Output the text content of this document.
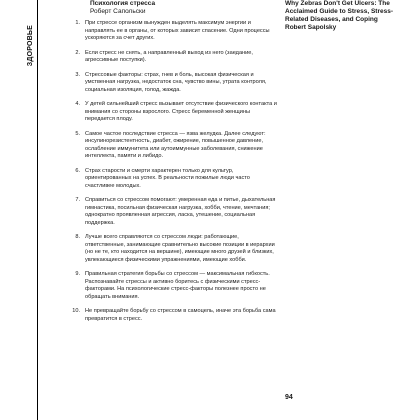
ЗДОРОВЬЕ
Психология стресса
Роберт Сапольски
Why Zebras Don't Get Ulcers: The Acclaimed Guide to Stress, Stress-Related Diseases, and Coping
Robert Sapolsky
1. При стрессе организм вынужден выделять максимум энергии и направлять ее в органы, от которых зависит спасение. Одни процессы ускоряются за счет других.
2. Если стресс не снять, а направленный выход из него (заедание, агрессивные поступки).
3. Стрессовые факторы: страх, гнев и боль, высокая физическая и умственная нагрузка, недостаток сна, чувство вины, утрата контроля, социальная изоляция, голод, жажда.
4. У детей сильнейший стресс вызывает отсутствие физического контакта и внимания со стороны взрослого. Стресс беременной женщины передается плоду.
5. Самое частое последствие стресса — язва желудка. Далее следуют: инсулинорезистентность, диабет, ожирение, повышенное давление, ослабление иммунитета или аутоиммунные заболевания, снижение интеллекта, памяти и либидо.
6. Страх старости и смерти характерен только для культур, ориентированных на успех. В реальности пожилые люди часто счастливее молодых.
7. Справиться со стрессом помогают: умеренная еда и питье, дыхательная гимнастика, посильная физическая нагрузка, хобби, чтение, мечтания; однократно проявленная агрессия, ласка, утешение, социальная поддержка.
8. Лучше всего справляются со стрессом люди: работающие, ответственные, занимающие сравнительно высокие позиции в иерархии (но не те, кто находится на вершине), имеющие много друзей и близких, увлекающиеся физическими упражнениями, имеющие хобби.
9. Правильная стратегия борьбы со стрессом — максимальная гибкость. Распознавайте стрессы и активно боритесь с физическими стресс-факторами. На психологические стресс-факторы полезнее просто не обращать внимания.
10. Не превращайте борьбу со стрессом в самоцель, иначе эта борьба сама превратится в стресс.
94
